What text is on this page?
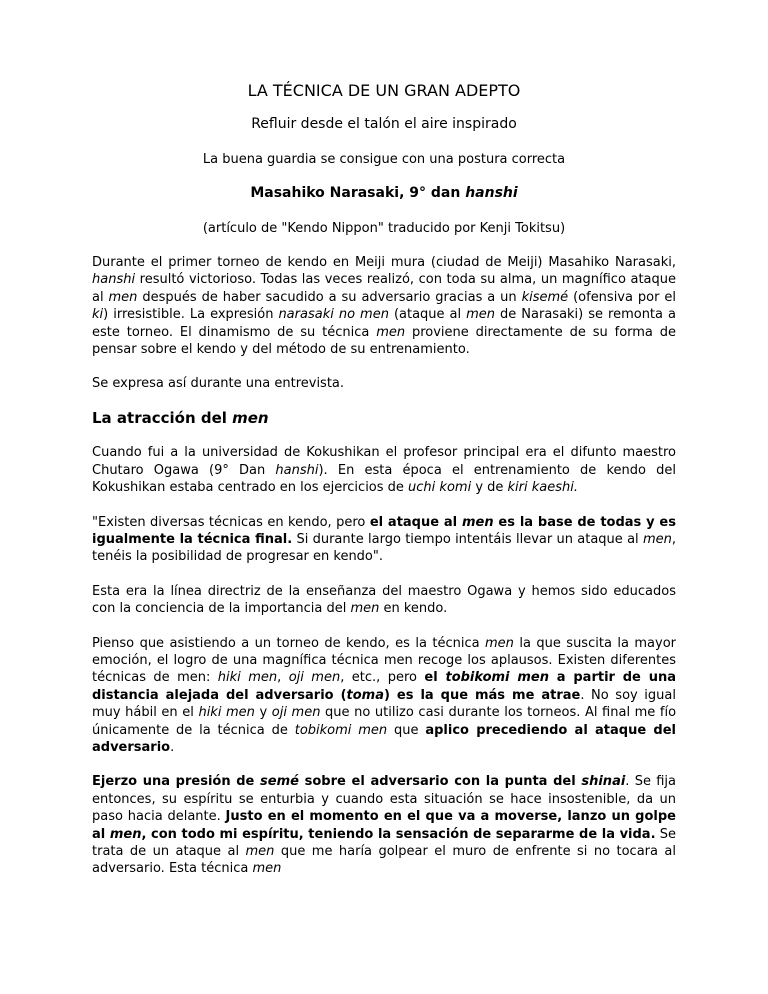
LA TÉCNICA DE UN GRAN ADEPTO

Refluir desde el talón el aire inspirado

La buena guardia se consigue con una postura correcta

Masahiko Narasaki, 9° dan hanshi

(artículo de "Kendo Nippon" traducido por Kenji Tokitsu)

Durante el primer torneo de kendo en Meiji mura (ciudad de Meiji) Masahiko Narasaki, hanshi resultó victorioso. Todas las veces realizó, con toda su alma, un magnífico ataque al men después de haber sacudido a su adversario gracias a un kisemé (ofensiva por el ki) irresistible. La expresión narasaki no men (ataque al men de Narasaki) se remonta a este torneo. El dinamismo de su técnica men proviene directamente de su forma de pensar sobre el kendo y del método de su entrenamiento.

Se expresa así durante una entrevista.

La atracción del men

Cuando fui a la universidad de Kokushikan el profesor principal era el difunto maestro Chutaro Ogawa (9° Dan hanshi). En esta época el entrenamiento de kendo del Kokushikan estaba centrado en los ejercicios de uchi komi y de kiri kaeshi.

"Existen diversas técnicas en kendo, pero el ataque al men es la base de todas y es igualmente la técnica final. Si durante largo tiempo intentáis llevar un ataque al men, tenéis la posibilidad de progresar en kendo".

Esta era la línea directriz de la enseñanza del maestro Ogawa y hemos sido educados con la conciencia de la importancia del men en kendo.

Pienso que asistiendo a un torneo de kendo, es la técnica men la que suscita la mayor emoción, el logro de una magnífica técnica men recoge los aplausos. Existen diferentes técnicas de men: hiki men, oji men, etc., pero el tobikomi men a partir de una distancia alejada del adversario (toma) es la que más me atrae. No soy igual muy hábil en el hiki men y oji men que no utilizo casi durante los torneos. Al final me fío únicamente de la técnica de tobikomi men que aplico precediendo al ataque del adversario.

Ejerzo una presión de semé sobre el adversario con la punta del shinai. Se fija entonces, su espíritu se enturbia y cuando esta situación se hace insostenible, da un paso hacia delante. Justo en el momento en el que va a moverse, lanzo un golpe al men, con todo mi espíritu, teniendo la sensación de separarme de la vida. Se trata de un ataque al men que me haría golpear el muro de enfrente si no tocara al adversario. Esta técnica men
